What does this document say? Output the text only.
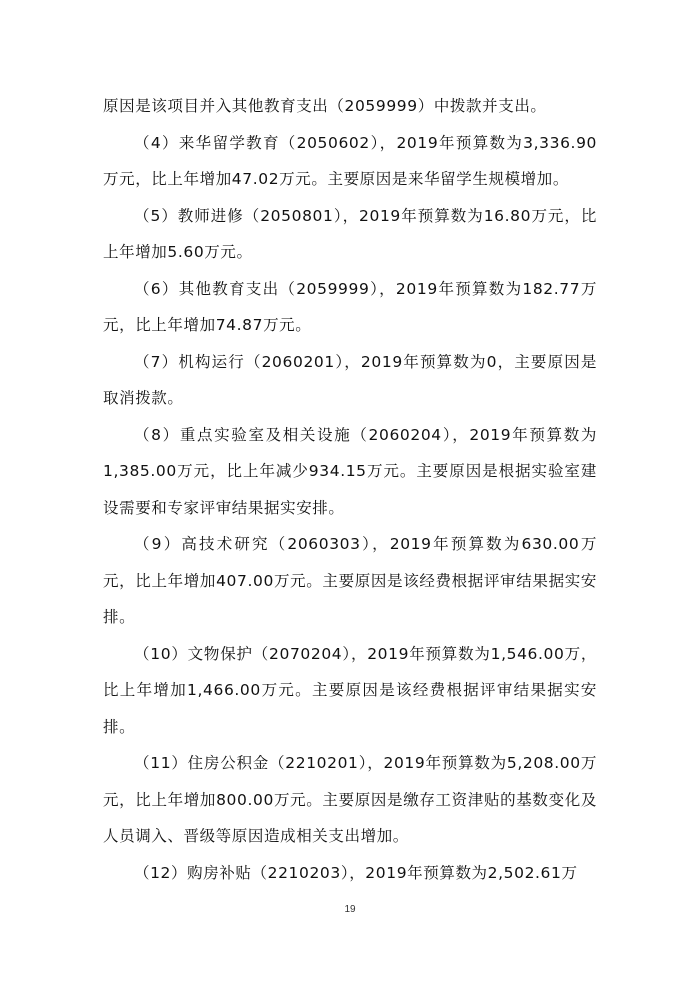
原因是该项目并入其他教育支出（2059999）中拨款并支出。

（4）来华留学教育（2050602），2019年预算数为3,336.90万元，比上年增加47.02万元。主要原因是来华留学生规模增加。

（5）教师进修（2050801），2019年预算数为16.80万元，比上年增加5.60万元。

（6）其他教育支出（2059999），2019年预算数为182.77万元，比上年增加74.87万元。

（7）机构运行（2060201），2019年预算数为0，主要原因是取消拨款。

（8）重点实验室及相关设施（2060204），2019年预算数为1,385.00万元，比上年减少934.15万元。主要原因是根据实验室建设需要和专家评审结果据实安排。

（9）高技术研究（2060303），2019年预算数为630.00万元，比上年增加407.00万元。主要原因是该经费根据评审结果据实安排。

（10）文物保护（2070204），2019年预算数为1,546.00万，比上年增加1,466.00万元。主要原因是该经费根据评审结果据实安排。

（11）住房公积金（2210201），2019年预算数为5,208.00万元，比上年增加800.00万元。主要原因是缴存工资津贴的基数变化及人员调入、晋级等原因造成相关支出增加。

（12）购房补贴（2210203），2019年预算数为2,502.61万

19
